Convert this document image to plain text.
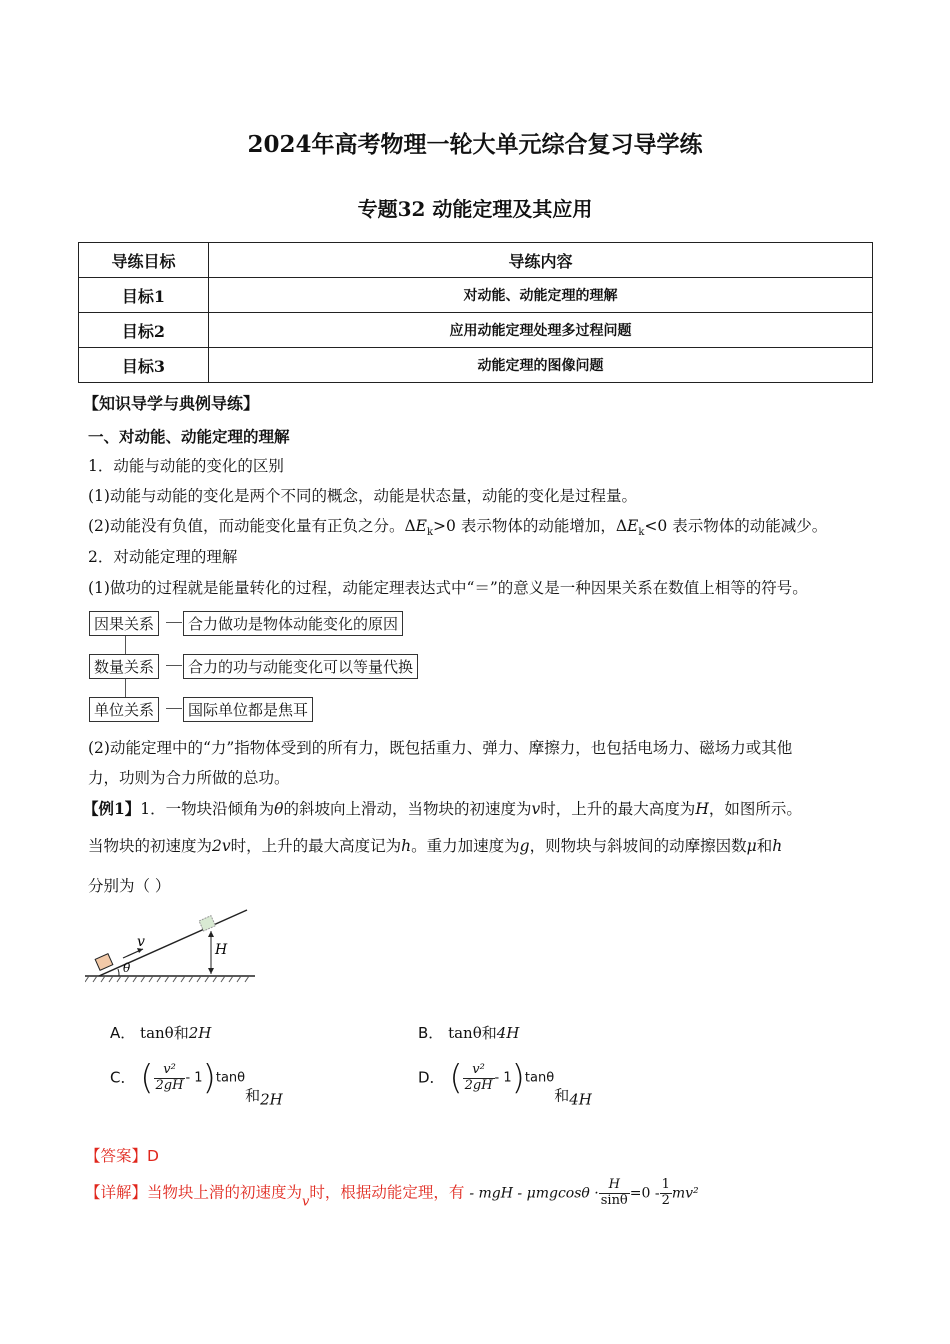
2024年高考物理一轮大单元综合复习导学练
专题32 动能定理及其应用
导练目标	导练内容
目标1	对动能、动能定理的理解
目标2	应用动能定理处理多过程问题
目标3	动能定理的图像问题
【知识导学与典例导练】
一、对动能、动能定理的理解
1．动能与动能的变化的区别
(1)动能与动能的变化是两个不同的概念，动能是状态量，动能的变化是过程量。
(2)动能没有负值，而动能变化量有正负之分。$\Delta E_k>0$ 表示物体的动能增加，$\Delta E_k<0$ 表示物体的动能减少。
2．对动能定理的理解
(1)做功的过程就是能量转化的过程，动能定理表达式中“＝”的意义是一种因果关系在数值上相等的符号。
因果关系	合力做功是物体动能变化的原因
数量关系	合力的功与动能变化可以等量代换
单位关系	国际单位都是焦耳
(2)动能定理中的“力”指物体受到的所有力，既包括重力、弹力、摩擦力，也包括电场力、磁场力或其他
力，功则为合力所做的总功。
【例1】1．一物块沿倾角为θ的斜坡向上滑动，当物块的初速度为v时，上升的最大高度为H，如图所示。
当物块的初速度为2v时，上升的最大高度记为h。重力加速度为g，则物块与斜坡间的动摩擦因数μ和h
分别为（ ）
v	H
θ
A． tanθ和2H	B． tanθ和4H
C． ( $\frac{\text{v²}}{2gH} - 1)\tan\theta$和2H
D． ( $\frac{\text{v²}}{2gH} - 1)\tan\theta$和4H
【答案】D
【详解】当物块上滑的初速度为$_v$时，根据动能定理，有 - mgH - $\mu mgcos\theta \cdot \frac{H}{\sin\theta} =0 - \frac{1}{2} mv^2$
